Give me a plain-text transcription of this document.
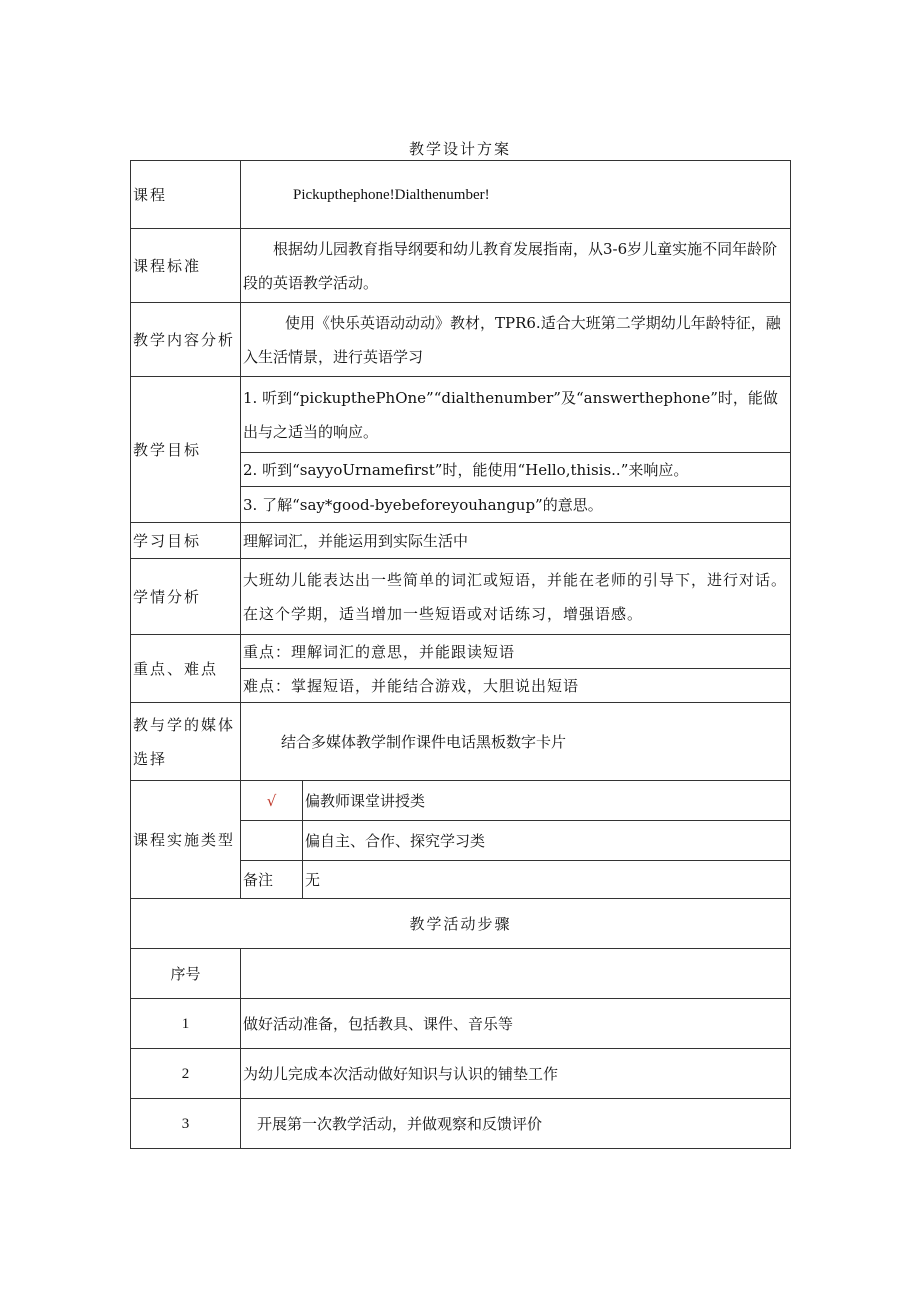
教学设计方案
课程	Pickupthephone!Dialthenumber!	
课程标准	根据幼儿园教育指导纲要和幼儿教育发展指南，从3-6岁儿童实施不同年龄阶段的英语教学活动。	
教学内容分析	使用《快乐英语动动动》教材，TPR6.适合大班第二学期幼儿年龄特征，融入生活情景，进行英语学习	
教学目标	1. 听到“pickupthePhOne”“dialthenumber”及“answerthephone”时，能做出与之适当的响应。	
	2. 听到“sayyoUrnamefirst”时，能使用“Hello,thisis..”来响应。	
	3. 了解“say*good-byebeforeyouhangup”的意思。	
学习目标	理解词汇，并能运用到实际生活中	
学情分析	大班幼儿能表达出一些简单的词汇或短语，并能在老师的引导下，进行对话。在这个学期，适当增加一些短语或对话练习，增强语感。	
重点、难点	重点：理解词汇的意思，并能跟读短语	
	难点：掌握短语，并能结合游戏，大胆说出短语	
教与学的媒体选择	结合多媒体教学制作课件电话黑板数字卡片	
课程实施类型	√	偏教师课堂讲授类
		偏自主、合作、探究学习类
	备注	无
教学活动步骤		
序号		
1	做好活动准备，包括教具、课件、音乐等	
2	为幼儿完成本次活动做好知识与认识的铺垫工作	
3	开展第一次教学活动，并做观察和反馈评价	
